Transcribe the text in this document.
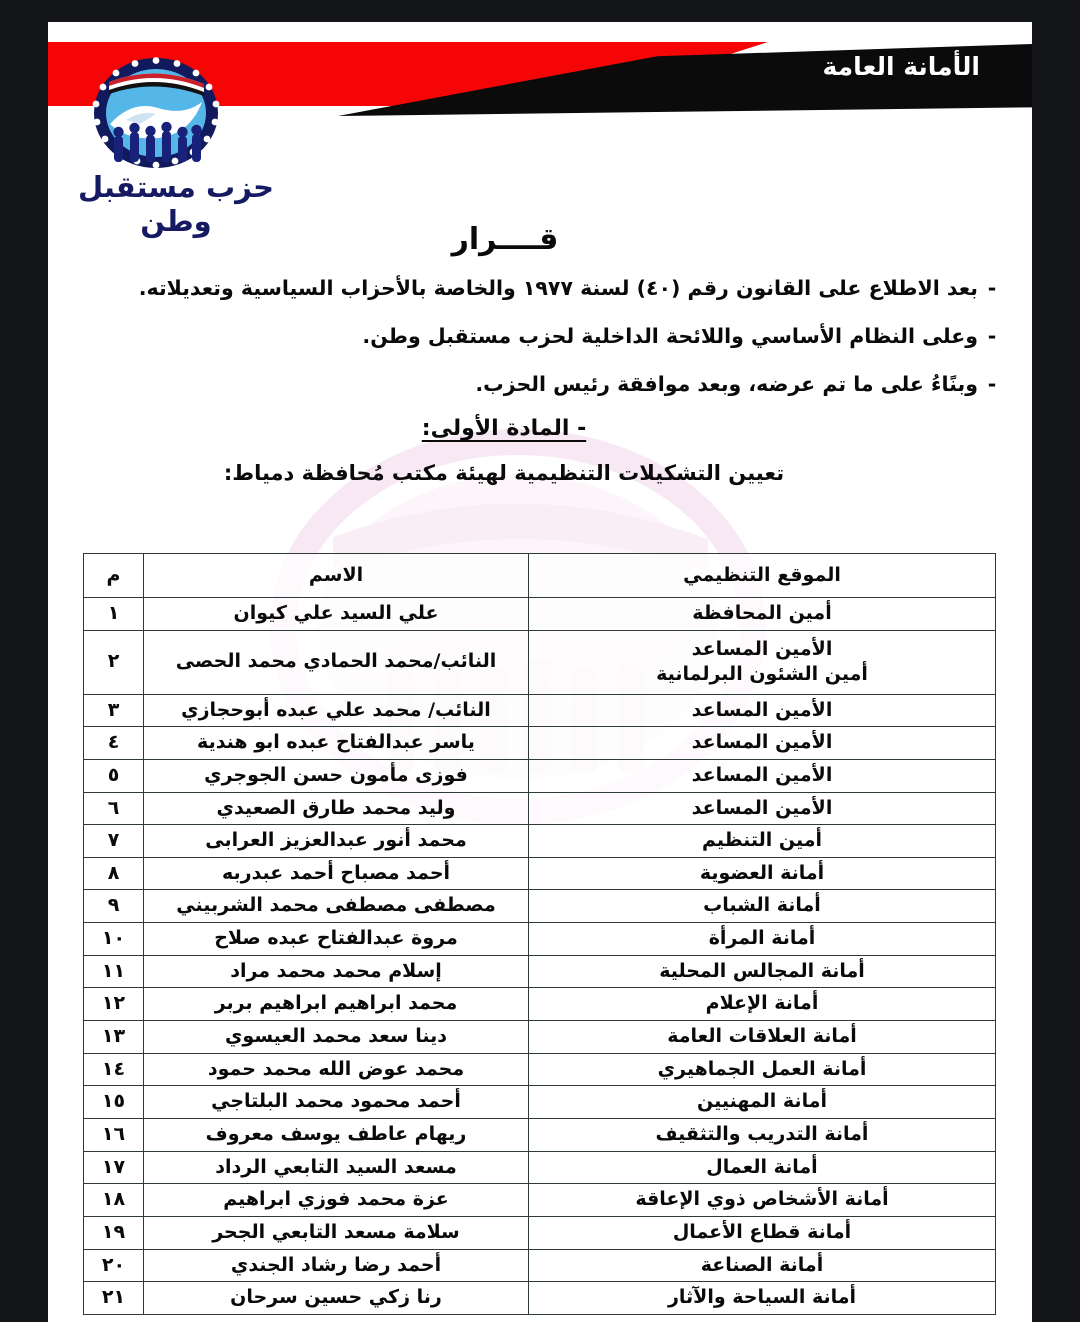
الأمانة العامة
حزب مستقبل وطن
قــــرار
-
بعد الاطلاع على القانون رقم (٤٠) لسنة ١٩٧٧ والخاصة بالأحزاب السياسية وتعديلاته.
-
وعلى النظام الأساسي واللائحة الداخلية لحزب مستقبل وطن.
-
وبنًاءُ على ما تم عرضه، وبعد موافقة رئيس الحزب.
- المادة الأولى:
تعيين التشكيلات التنظيمية لهيئة مكتب مُحافظة دمياط:
الموقع التنظيمي	الاسم	م

أمين المحافظة	علي السيد علي كيوان	١

الأمين المساعد
أمين الشئون البرلمانية	النائب/محمد الحمادي محمد الحصى	٢

الأمين المساعد	النائب/ محمد علي عبده أبوحجازي	٣

الأمين المساعد	ياسر عبدالفتاح عبده ابو هندية	٤

الأمين المساعد	فوزى مأمون حسن الجوجري	٥

الأمين المساعد	وليد محمد طارق الصعيدي	٦

أمين التنظيم	محمد أنور عبدالعزيز العرابى	٧

أمانة العضوية	أحمد مصباح أحمد عبدربه	٨

أمانة الشباب	مصطفى مصطفى محمد الشربيني	٩

أمانة المرأة	مروة عبدالفتاح عبده صلاح	١٠

أمانة المجالس المحلية	إسلام محمد محمد مراد	١١

أمانة الإعلام	محمد ابراهيم ابراهيم بربر	١٢

أمانة العلاقات العامة	دينا سعد محمد العيسوي	١٣

أمانة العمل الجماهيري	محمد عوض الله محمد حمود	١٤

أمانة المهنيين	أحمد محمود محمد البلتاجي	١٥

أمانة التدريب والتثقيف	ريهام عاطف يوسف معروف	١٦

أمانة العمال	مسعد السيد التابعي الرداد	١٧

أمانة الأشخاص ذوي الإعاقة	عزة محمد فوزي ابراهيم	١٨

أمانة قطاع الأعمال	سلامة مسعد التابعي الجحر	١٩

أمانة الصناعة	أحمد رضا رشاد الجندي	٢٠

أمانة السياحة والآثار	رنا زكي حسين سرحان	٢١
